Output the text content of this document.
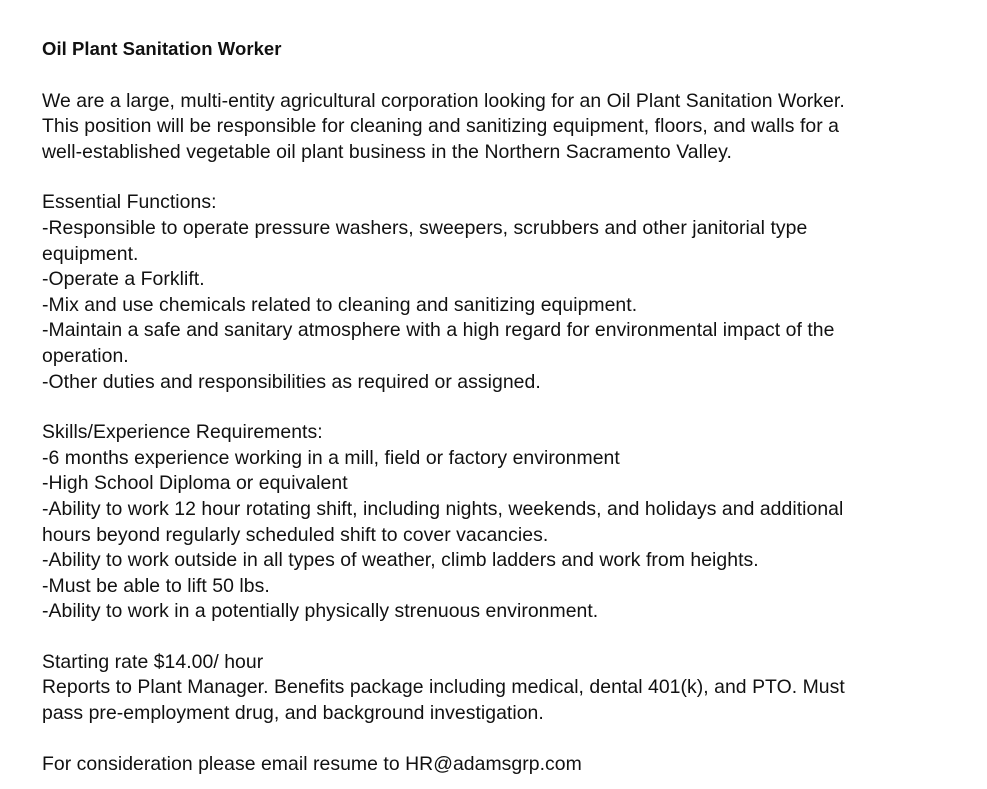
Oil Plant Sanitation Worker
We are a large, multi-entity agricultural corporation looking for an Oil Plant Sanitation Worker.
This position will be responsible for cleaning and sanitizing equipment, floors, and walls for a
well-established vegetable oil plant business in the Northern Sacramento Valley.
Essential Functions:
-Responsible to operate pressure washers, sweepers, scrubbers and other janitorial type
equipment.
-Operate a Forklift.
-Mix and use chemicals related to cleaning and sanitizing equipment.
-Maintain a safe and sanitary atmosphere with a high regard for environmental impact of the
operation.
-Other duties and responsibilities as required or assigned.
Skills/Experience Requirements:
-6 months experience working in a mill, field or factory environment
-High School Diploma or equivalent
-Ability to work 12 hour rotating shift, including nights, weekends, and holidays and additional
hours beyond regularly scheduled shift to cover vacancies.
-Ability to work outside in all types of weather, climb ladders and work from heights.
-Must be able to lift 50 lbs.
-Ability to work in a potentially physically strenuous environment.
Starting rate $14.00/ hour
Reports to Plant Manager. Benefits package including medical, dental 401(k), and PTO. Must
pass pre-employment drug, and background investigation.
For consideration please email resume to HR@adamsgrp.com
